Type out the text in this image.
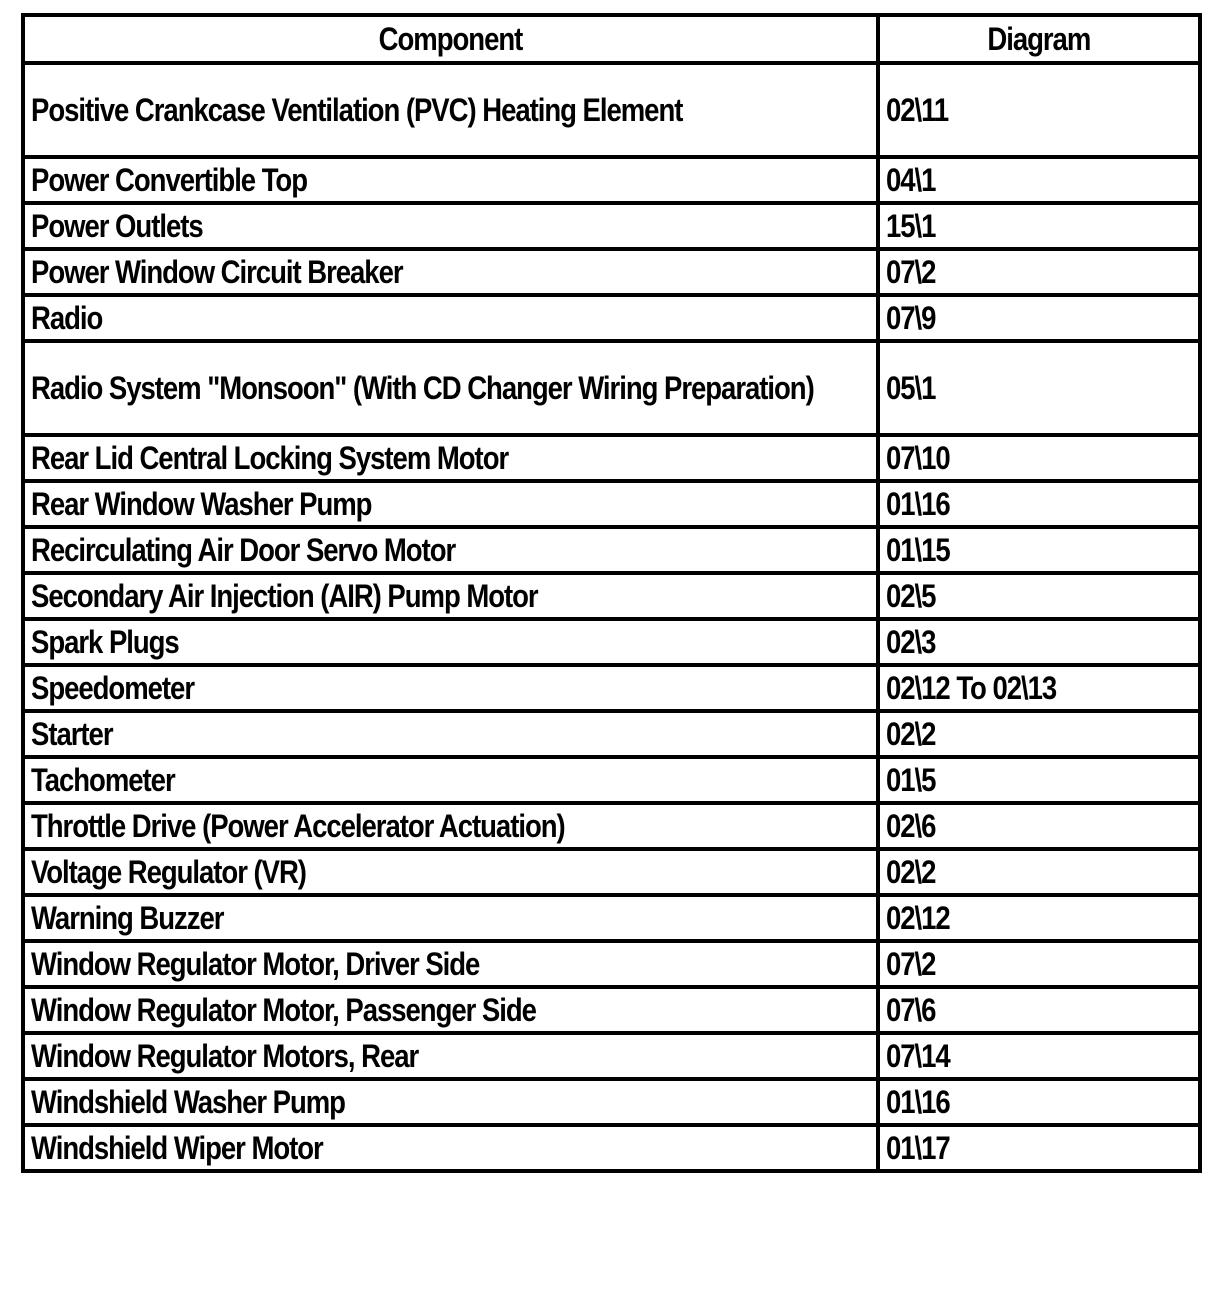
Component	Diagram
Positive Crankcase Ventilation (PVC) Heating Element	02\11
Power Convertible Top	04\1
Power Outlets	15\1
Power Window Circuit Breaker	07\2
Radio	07\9
Radio System "Monsoon" (With CD Changer Wiring Preparation)	05\1
Rear Lid Central Locking System Motor	07\10
Rear Window Washer Pump	01\16
Recirculating Air Door Servo Motor	01\15
Secondary Air Injection (AIR) Pump Motor	02\5
Spark Plugs	02\3
Speedometer	02\12 To 02\13
Starter	02\2
Tachometer	01\5
Throttle Drive (Power Accelerator Actuation)	02\6
Voltage Regulator (VR)	02\2
Warning Buzzer	02\12
Window Regulator Motor, Driver Side	07\2
Window Regulator Motor, Passenger Side	07\6
Window Regulator Motors, Rear	07\14
Windshield Washer Pump	01\16
Windshield Wiper Motor	01\17
